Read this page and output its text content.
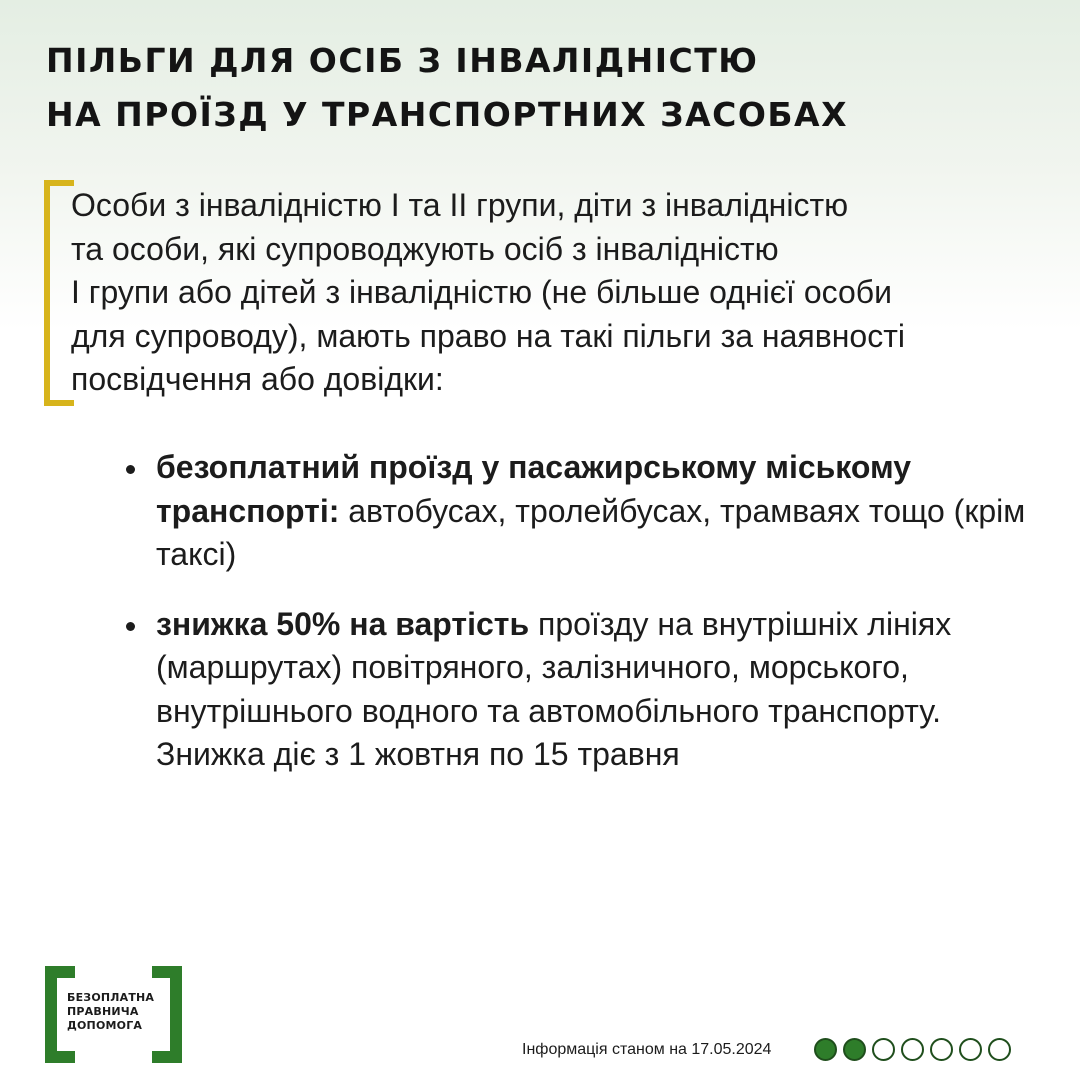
ПІЛЬГИ ДЛЯ ОСІБ З ІНВАЛІДНІСТЮ
НА ПРОЇЗД У ТРАНСПОРТНИХ ЗАСОБАХ
Особи з інвалідністю І та ІІ групи, діти з інвалідністю
та особи, які супроводжують осіб з інвалідністю
І групи або дітей з інвалідністю (не більше однієї особи
для супроводу), мають право на такі пільги за наявності
посвідчення або довідки:
безоплатний проїзд у пасажирському міському транспорті: автобусах, тролейбусах, трамваях тощо (крім таксі)
знижка 50% на вартість проїзду на внутрішніх лініях (маршрутах) повітряного, залізничного, морського, внутрішнього водного та автомобільного транспорту. Знижка діє з 1 жовтня по 15 травня
БЕЗОПЛАТНА
ПРАВНИЧА
ДОПОМОГА
Інформація станом на 17.05.2024
